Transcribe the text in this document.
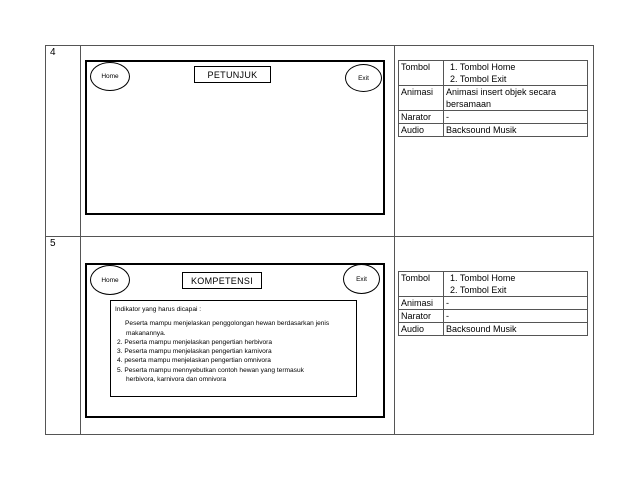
4
Home	PETUNJUK	Exit
Tombol	1. Tombol Home
2. Tombol Exit

Animasi	Animasi insert objek secara
bersamaan

Narator	-
Audio	Backsound Musik
5
Home	KOMPETENSI	Exit
Indikator yang harus dicapai :
Peserta mampu menjelaskan penggolongan hewan berdasarkan jenis
makanannya.
2. Peserta mampu menjelaskan pengertian herbivora
3. Peserta mampu menjelaskan pengertian karnivora
4. peserta mampu menjelaskan pengertian omnivora
5. Peserta mampu mennyebutkan contoh hewan yang termasuk
herbivora, karnivora dan omnivora
Tombol	1. Tombol Home
2. Tombol Exit

Animasi	-
Narator	-
Audio	Backsound Musik
